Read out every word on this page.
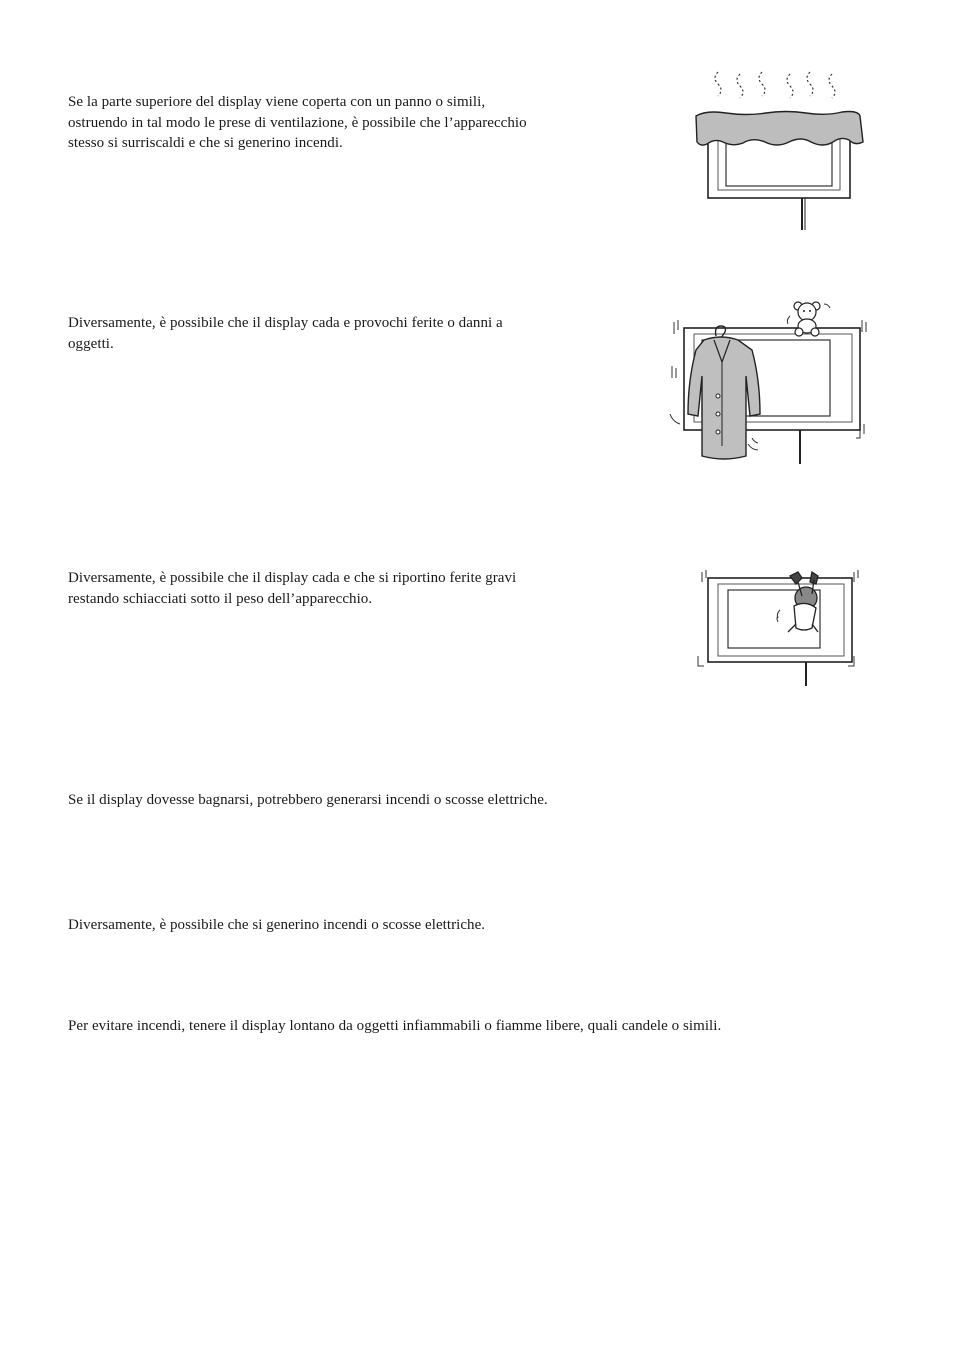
Se la parte superiore del display viene coperta con un panno o simili,
ostruendo in tal modo le prese di ventilazione, è possibile che l’apparecchio
stesso si surriscaldi e che si generino incendi.

Diversamente, è possibile che il display cada e provochi ferite o danni a
oggetti.

Diversamente, è possibile che il display cada e che si riportino ferite gravi
restando schiacciati sotto il peso dell’apparecchio.

Se il display dovesse bagnarsi, potrebbero generarsi incendi o scosse elettriche.

Diversamente, è possibile che si generino incendi o scosse elettriche.

Per evitare incendi, tenere il display lontano da oggetti infiammabili o fiamme libere, quali candele o simili.
